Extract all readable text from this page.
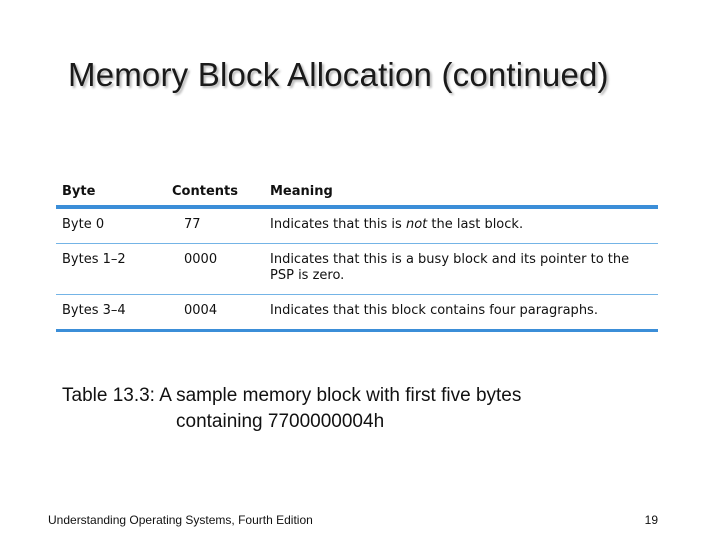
Memory Block Allocation (continued)
Byte	Contents	Meaning
Byte 0	77	Indicates that this is not the last block.
Bytes 1–2	0000	Indicates that this is a busy block and its pointer to the PSP is zero.
Bytes 3–4	0004	Indicates that this block contains four paragraphs.
Table 13.3: A sample memory block with first five bytes
containing 7700000004h
Understanding Operating Systems, Fourth Edition	19
